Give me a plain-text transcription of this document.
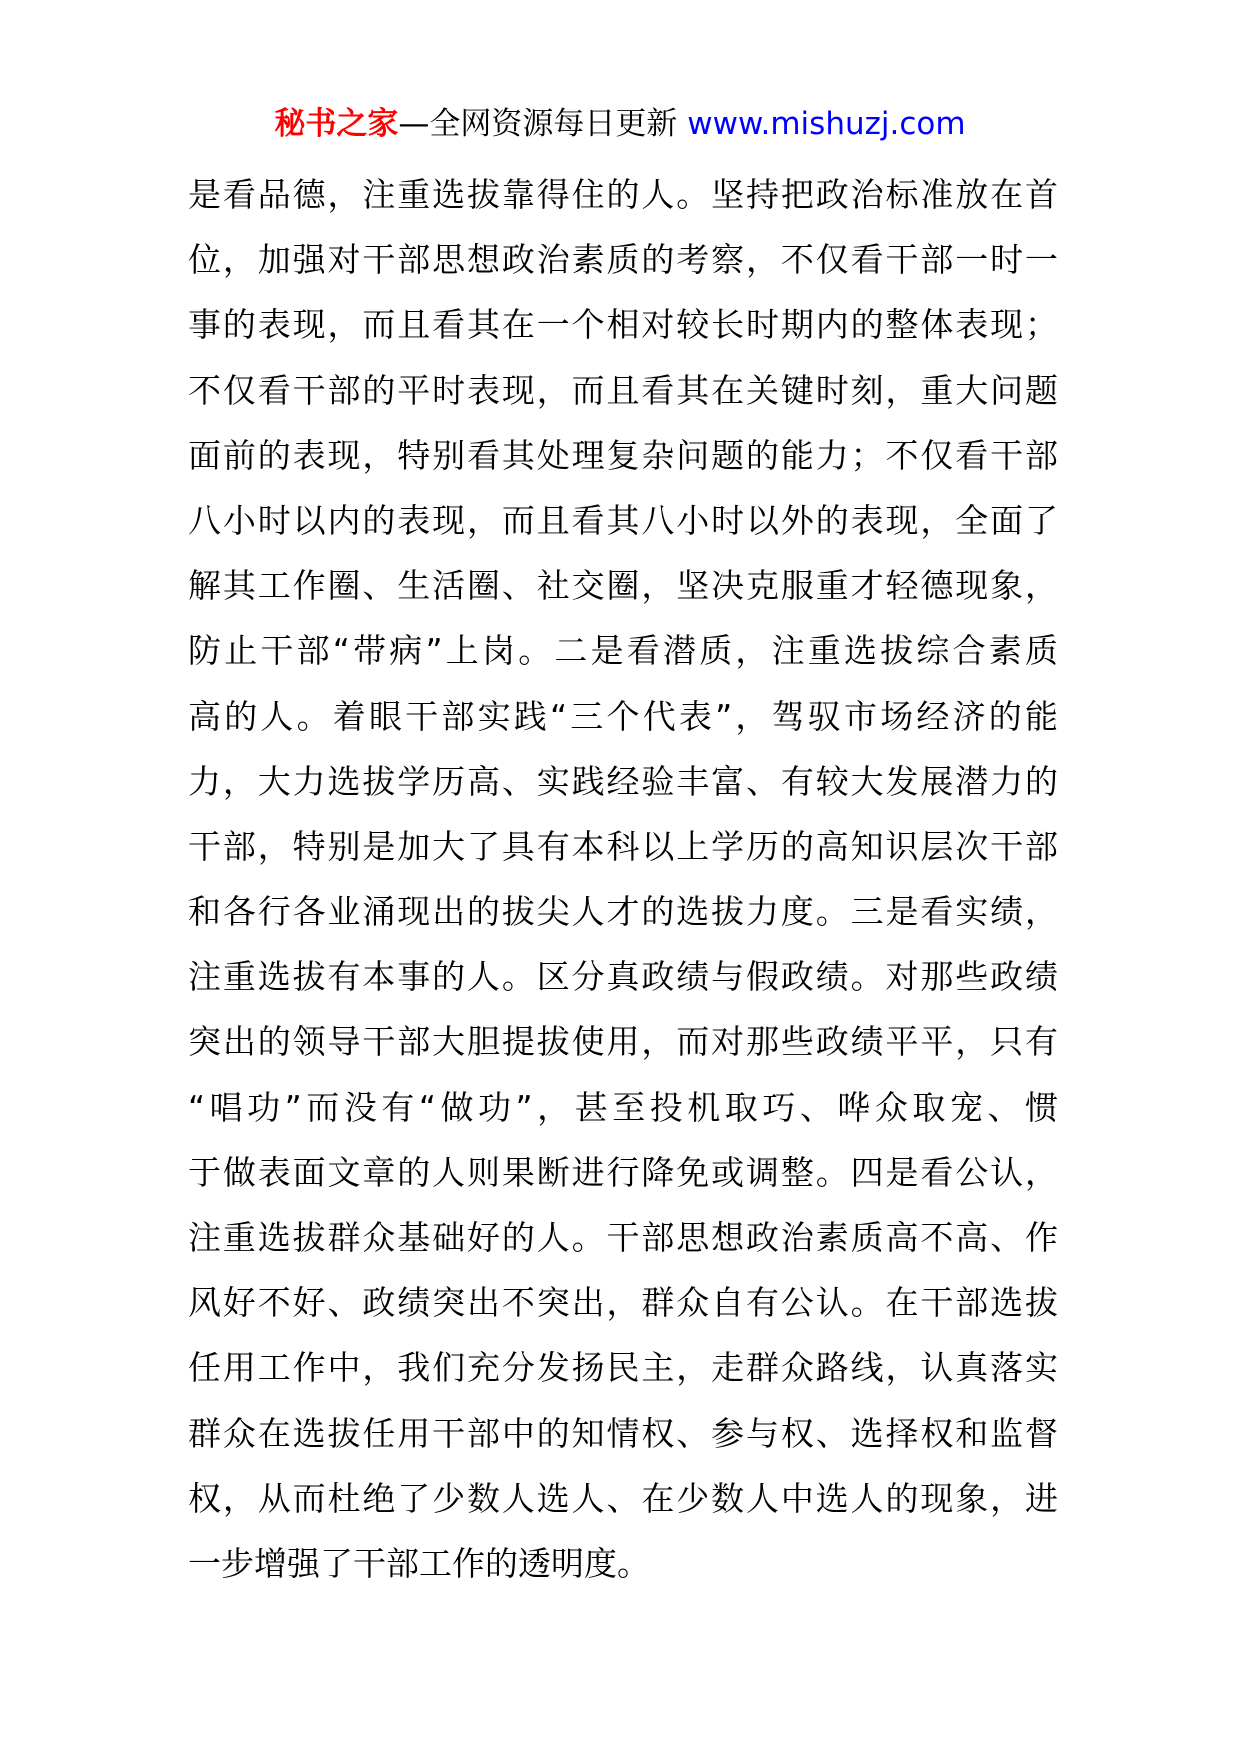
秘书之家—全网资源每日更新 www.mishuzj.com
是看品德，注重选拔靠得住的人。坚持把政治标准放在首
位，加强对干部思想政治素质的考察，不仅看干部一时一
事的表现，而且看其在一个相对较长时期内的整体表现；
不仅看干部的平时表现，而且看其在关键时刻，重大问题
面前的表现，特别看其处理复杂问题的能力；不仅看干部
八小时以内的表现，而且看其八小时以外的表现，全面了
解其工作圈、生活圈、社交圈，坚决克服重才轻德现象，
防止干部“带病”上岗。二是看潜质，注重选拔综合素质
高的人。着眼干部实践“三个代表”，驾驭市场经济的能
力，大力选拔学历高、实践经验丰富、有较大发展潜力的
干部，特别是加大了具有本科以上学历的高知识层次干部
和各行各业涌现出的拔尖人才的选拔力度。三是看实绩，
注重选拔有本事的人。区分真政绩与假政绩。对那些政绩
突出的领导干部大胆提拔使用，而对那些政绩平平，只有
“唱功”而没有“做功”，甚至投机取巧、哗众取宠、惯
于做表面文章的人则果断进行降免或调整。四是看公认，
注重选拔群众基础好的人。干部思想政治素质高不高、作
风好不好、政绩突出不突出，群众自有公认。在干部选拔
任用工作中，我们充分发扬民主，走群众路线，认真落实
群众在选拔任用干部中的知情权、参与权、选择权和监督
权，从而杜绝了少数人选人、在少数人中选人的现象，进
一步增强了干部工作的透明度。
